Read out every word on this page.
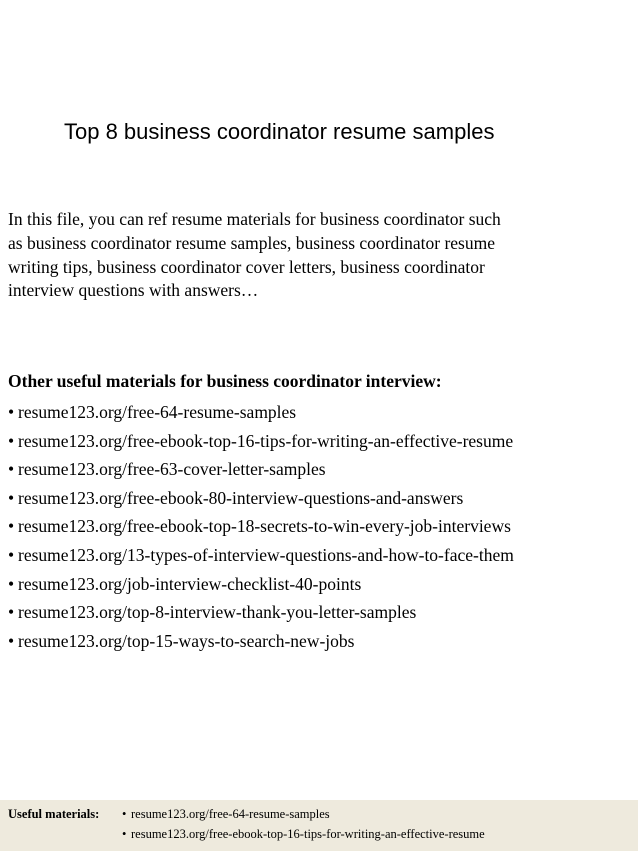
Top 8 business coordinator resume samples

In this file, you can ref resume materials for business coordinator such
as business coordinator resume samples, business coordinator resume
writing tips, business coordinator cover letters, business coordinator
interview questions with answers…

Other useful materials for business coordinator interview:
• resume123.org/free-64-resume-samples
• resume123.org/free-ebook-top-16-tips-for-writing-an-effective-resume
• resume123.org/free-63-cover-letter-samples
• resume123.org/free-ebook-80-interview-questions-and-answers
• resume123.org/free-ebook-top-18-secrets-to-win-every-job-interviews
• resume123.org/13-types-of-interview-questions-and-how-to-face-them
• resume123.org/job-interview-checklist-40-points
• resume123.org/top-8-interview-thank-you-letter-samples
• resume123.org/top-15-ways-to-search-new-jobs
Useful materials: • resume123.org/free-64-resume-samples
• resume123.org/free-ebook-top-16-tips-for-writing-an-effective-resume
